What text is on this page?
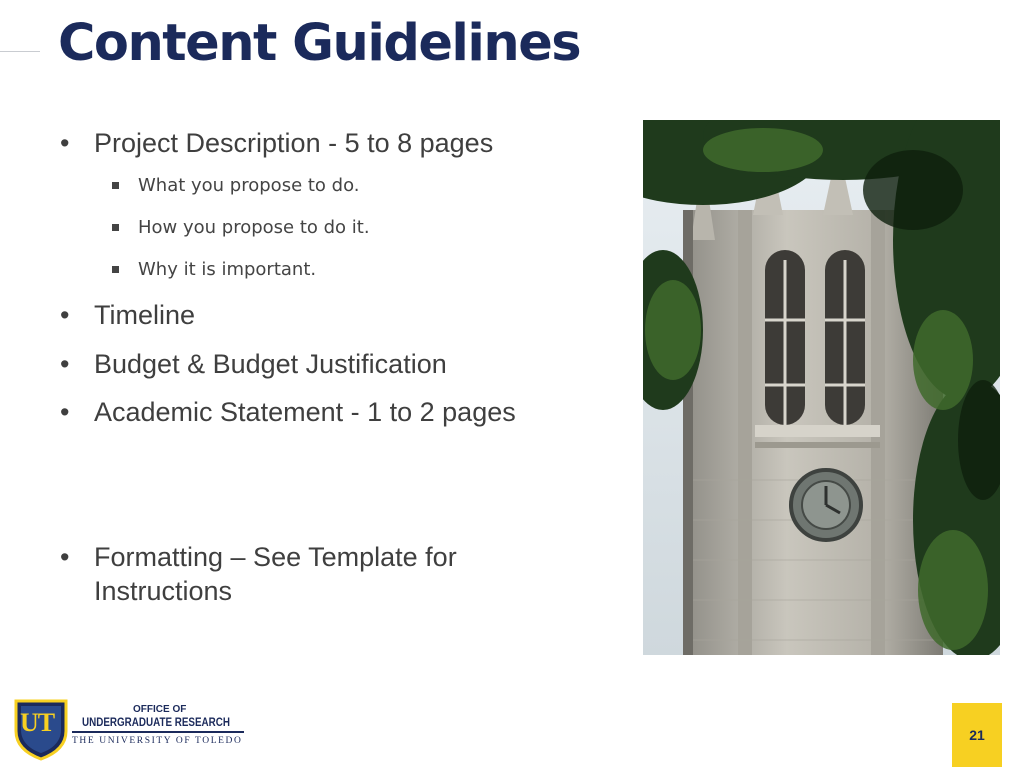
Content Guidelines
• Project Description - 5 to 8 pages
What you propose to do.
How you propose to do it.
Why it is important.
• Timeline
• Budget & Budget Justification
• Academic Statement - 1 to 2 pages
• Formatting – See Template for
Instructions
UT	OFFICE OF
UNDERGRADUATE RESEARCH
THE UNIVERSITY OF TOLEDO	21
